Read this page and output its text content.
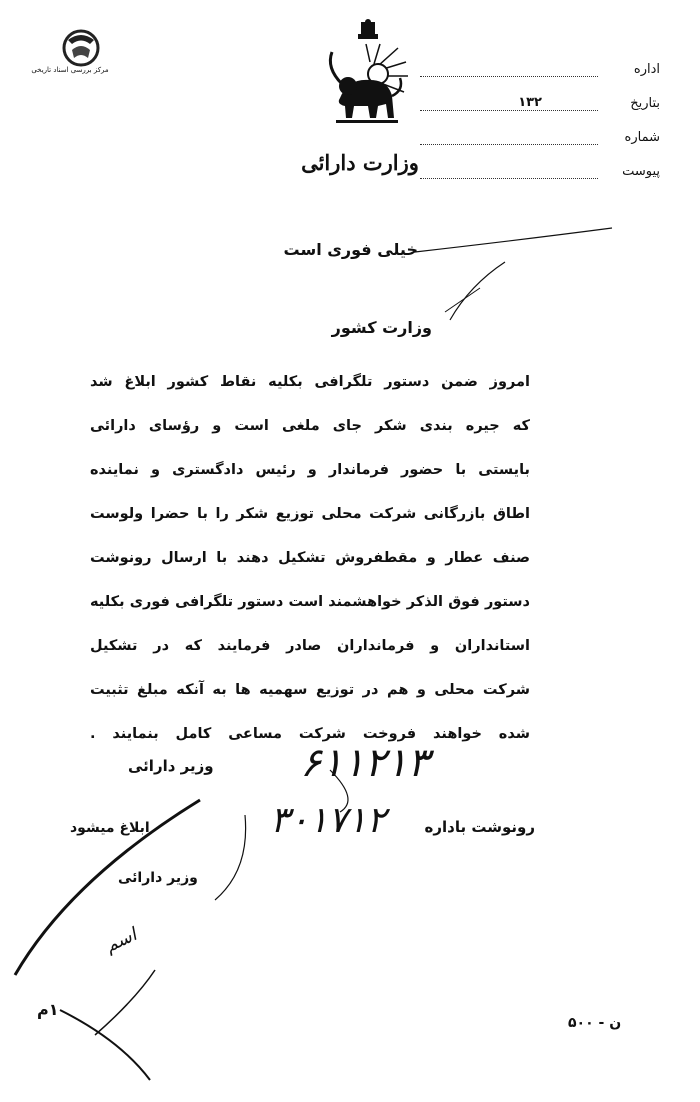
مرکز بررسی اسناد تاریخی
وزارت دارائی
اداره
بتاریخ
۱۳۲
شماره
پیوست
خیلی فوری است
وزارت کشور
امروز ضمن دستور تلگرافی بکلیه نقاط کشور ابلاغ شد
که جیره بندی شکر جای ملغی است و رؤسای دارائی
بایستی با حضور فرماندار و رئیس دادگستری و نماینده
اطاق بازرگانی شرکت محلی توزیع شکر را با حضرا ولوست
صنف عطار و مقطفروش تشکیل دهند با ارسال رونوشت
دستور فوق الذکر خواهشمند است دستور تلگرافی فوری بکلیه
استانداران و فرمانداران صادر فرمایند که در تشکیل
شرکت محلی و هم در توزیع سهمیه ها به آنکه مبلغ تثبیت
شده خواهند فروخت شرکت مساعی کامل بنمایند .
وزیر دارائی ۶۱۱۲۱۳
رونوشت باداره
۳۰۱۷۱۲
ابلاغ میشود
وزیر دارائی
اسم
۱م
ن - ۵۰۰
